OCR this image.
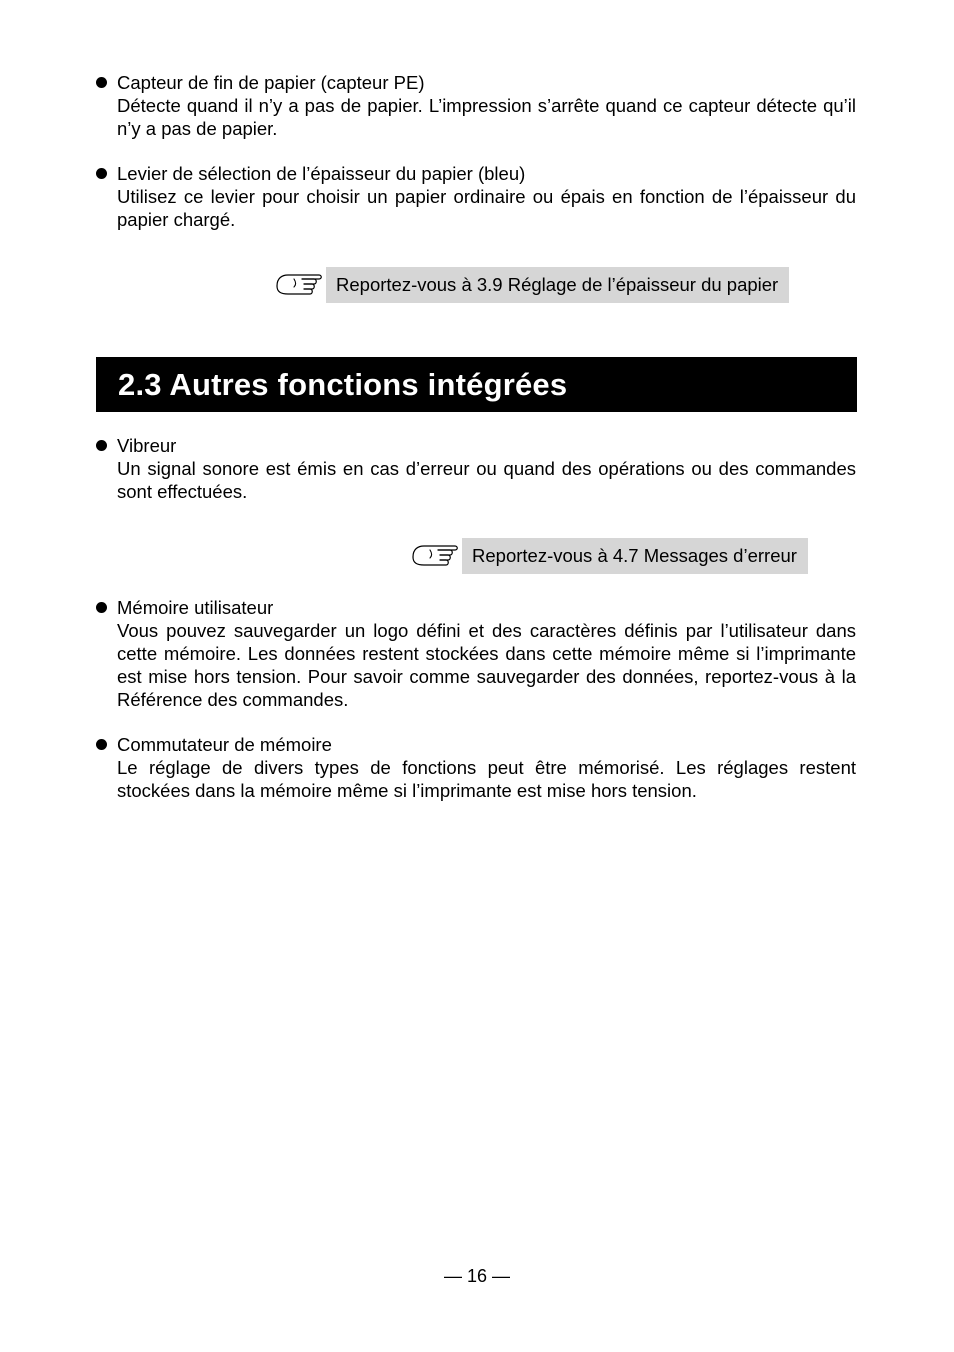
Capteur de fin de papier (capteur PE)
Détecte quand il n’y a pas de papier. L’impression s’arrête quand ce capteur détecte qu’il n’y a pas de papier.
Levier de sélection de l’épaisseur du papier (bleu)
Utilisez ce levier pour choisir un papier ordinaire ou épais en fonction de l’épaisseur du papier chargé.
Reportez-vous à 3.9 Réglage de l’épaisseur du papier
2.3 Autres fonctions intégrées
Vibreur
Un signal sonore est émis en cas d’erreur ou quand des opérations ou des commandes sont effectuées.
Reportez-vous à 4.7 Messages d’erreur
Mémoire utilisateur
Vous pouvez sauvegarder un logo défini et des caractères définis par l’utilisateur dans cette mémoire. Les données restent stockées dans cette mémoire même si l’imprimante est mise hors tension. Pour savoir comme sauvegarder des données, reportez-vous à la Référence des commandes.
Commutateur de mémoire
Le réglage de divers types de fonctions peut être mémorisé. Les réglages restent stockées dans la mémoire même si l’imprimante est mise hors tension.
— 16 —
